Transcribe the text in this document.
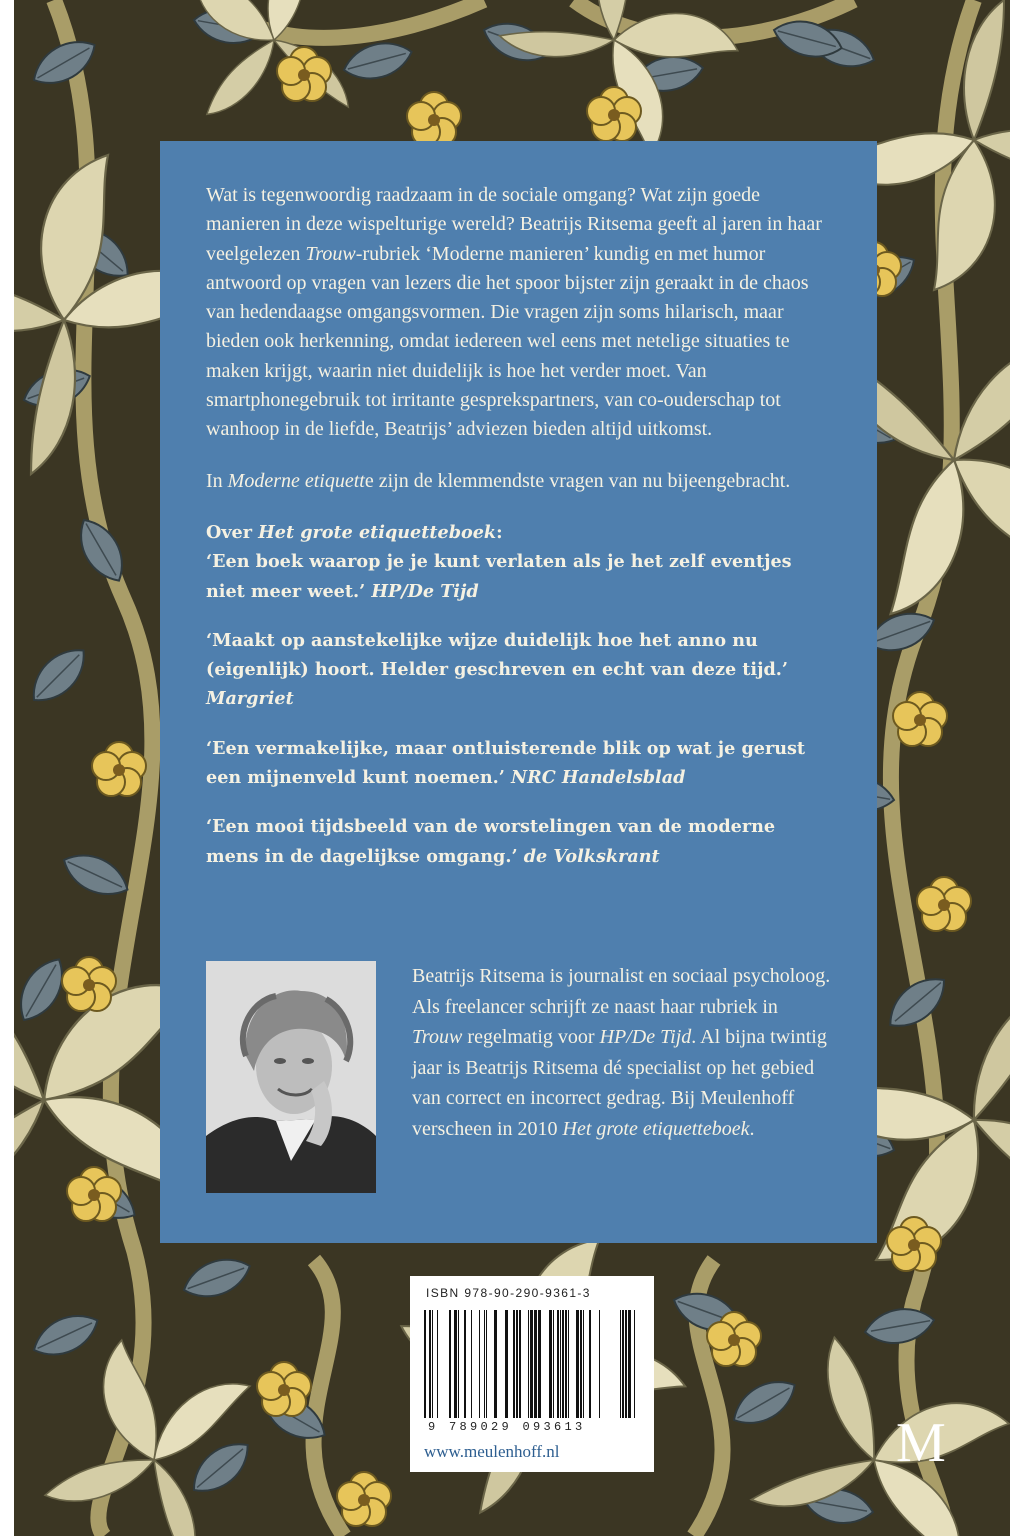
Wat is tegenwoordig raadzaam in de sociale omgang? Wat zijn goede manieren in deze wispelturige wereld? Beatrijs Ritsema geeft al jaren in haar veelgelezen Trouw-rubriek ‘Moderne manieren’ kundig en met humor antwoord op vragen van lezers die het spoor bijster zijn geraakt in de chaos van hedendaagse omgangsvormen. Die vragen zijn soms hilarisch, maar bieden ook herkenning, omdat iedereen wel eens met netelige situaties te maken krijgt, waarin niet duidelijk is hoe het verder moet. Van smartphonegebruik tot irritante gesprekspartners, van co-ouderschap tot wanhoop in de liefde, Beatrijs’ adviezen bieden altijd uitkomst.

In Moderne etiquette zijn de klemmendste vragen van nu bijeengebracht.

Over Het grote etiquetteboek:
‘Een boek waarop je je kunt verlaten als je het zelf eventjes niet meer weet.’ HP/De Tijd
‘Maakt op aanstekelijke wijze duidelijk hoe het anno nu (eigenlijk) hoort. Helder geschreven en echt van deze tijd.’ Margriet
‘Een vermakelijke, maar ontluisterende blik op wat je gerust een mijnenveld kunt noemen.’ NRC Handelsblad
‘Een mooi tijdsbeeld van de worstelingen van de moderne mens in de dagelijkse omgang.’ de Volkskrant

Beatrijs Ritsema is journalist en sociaal psycholoog. Als freelancer schrijft ze naast haar rubriek in Trouw regelmatig voor HP/De Tijd. Al bijna twintig jaar is Beatrijs Ritsema dé specialist op het gebied van correct en incorrect gedrag. Bij Meulenhoff verscheen in 2010 Het grote etiquetteboek.

ISBN 978-90-290-9361-3
9 789029 093613
www.meulenhoff.nl	M
